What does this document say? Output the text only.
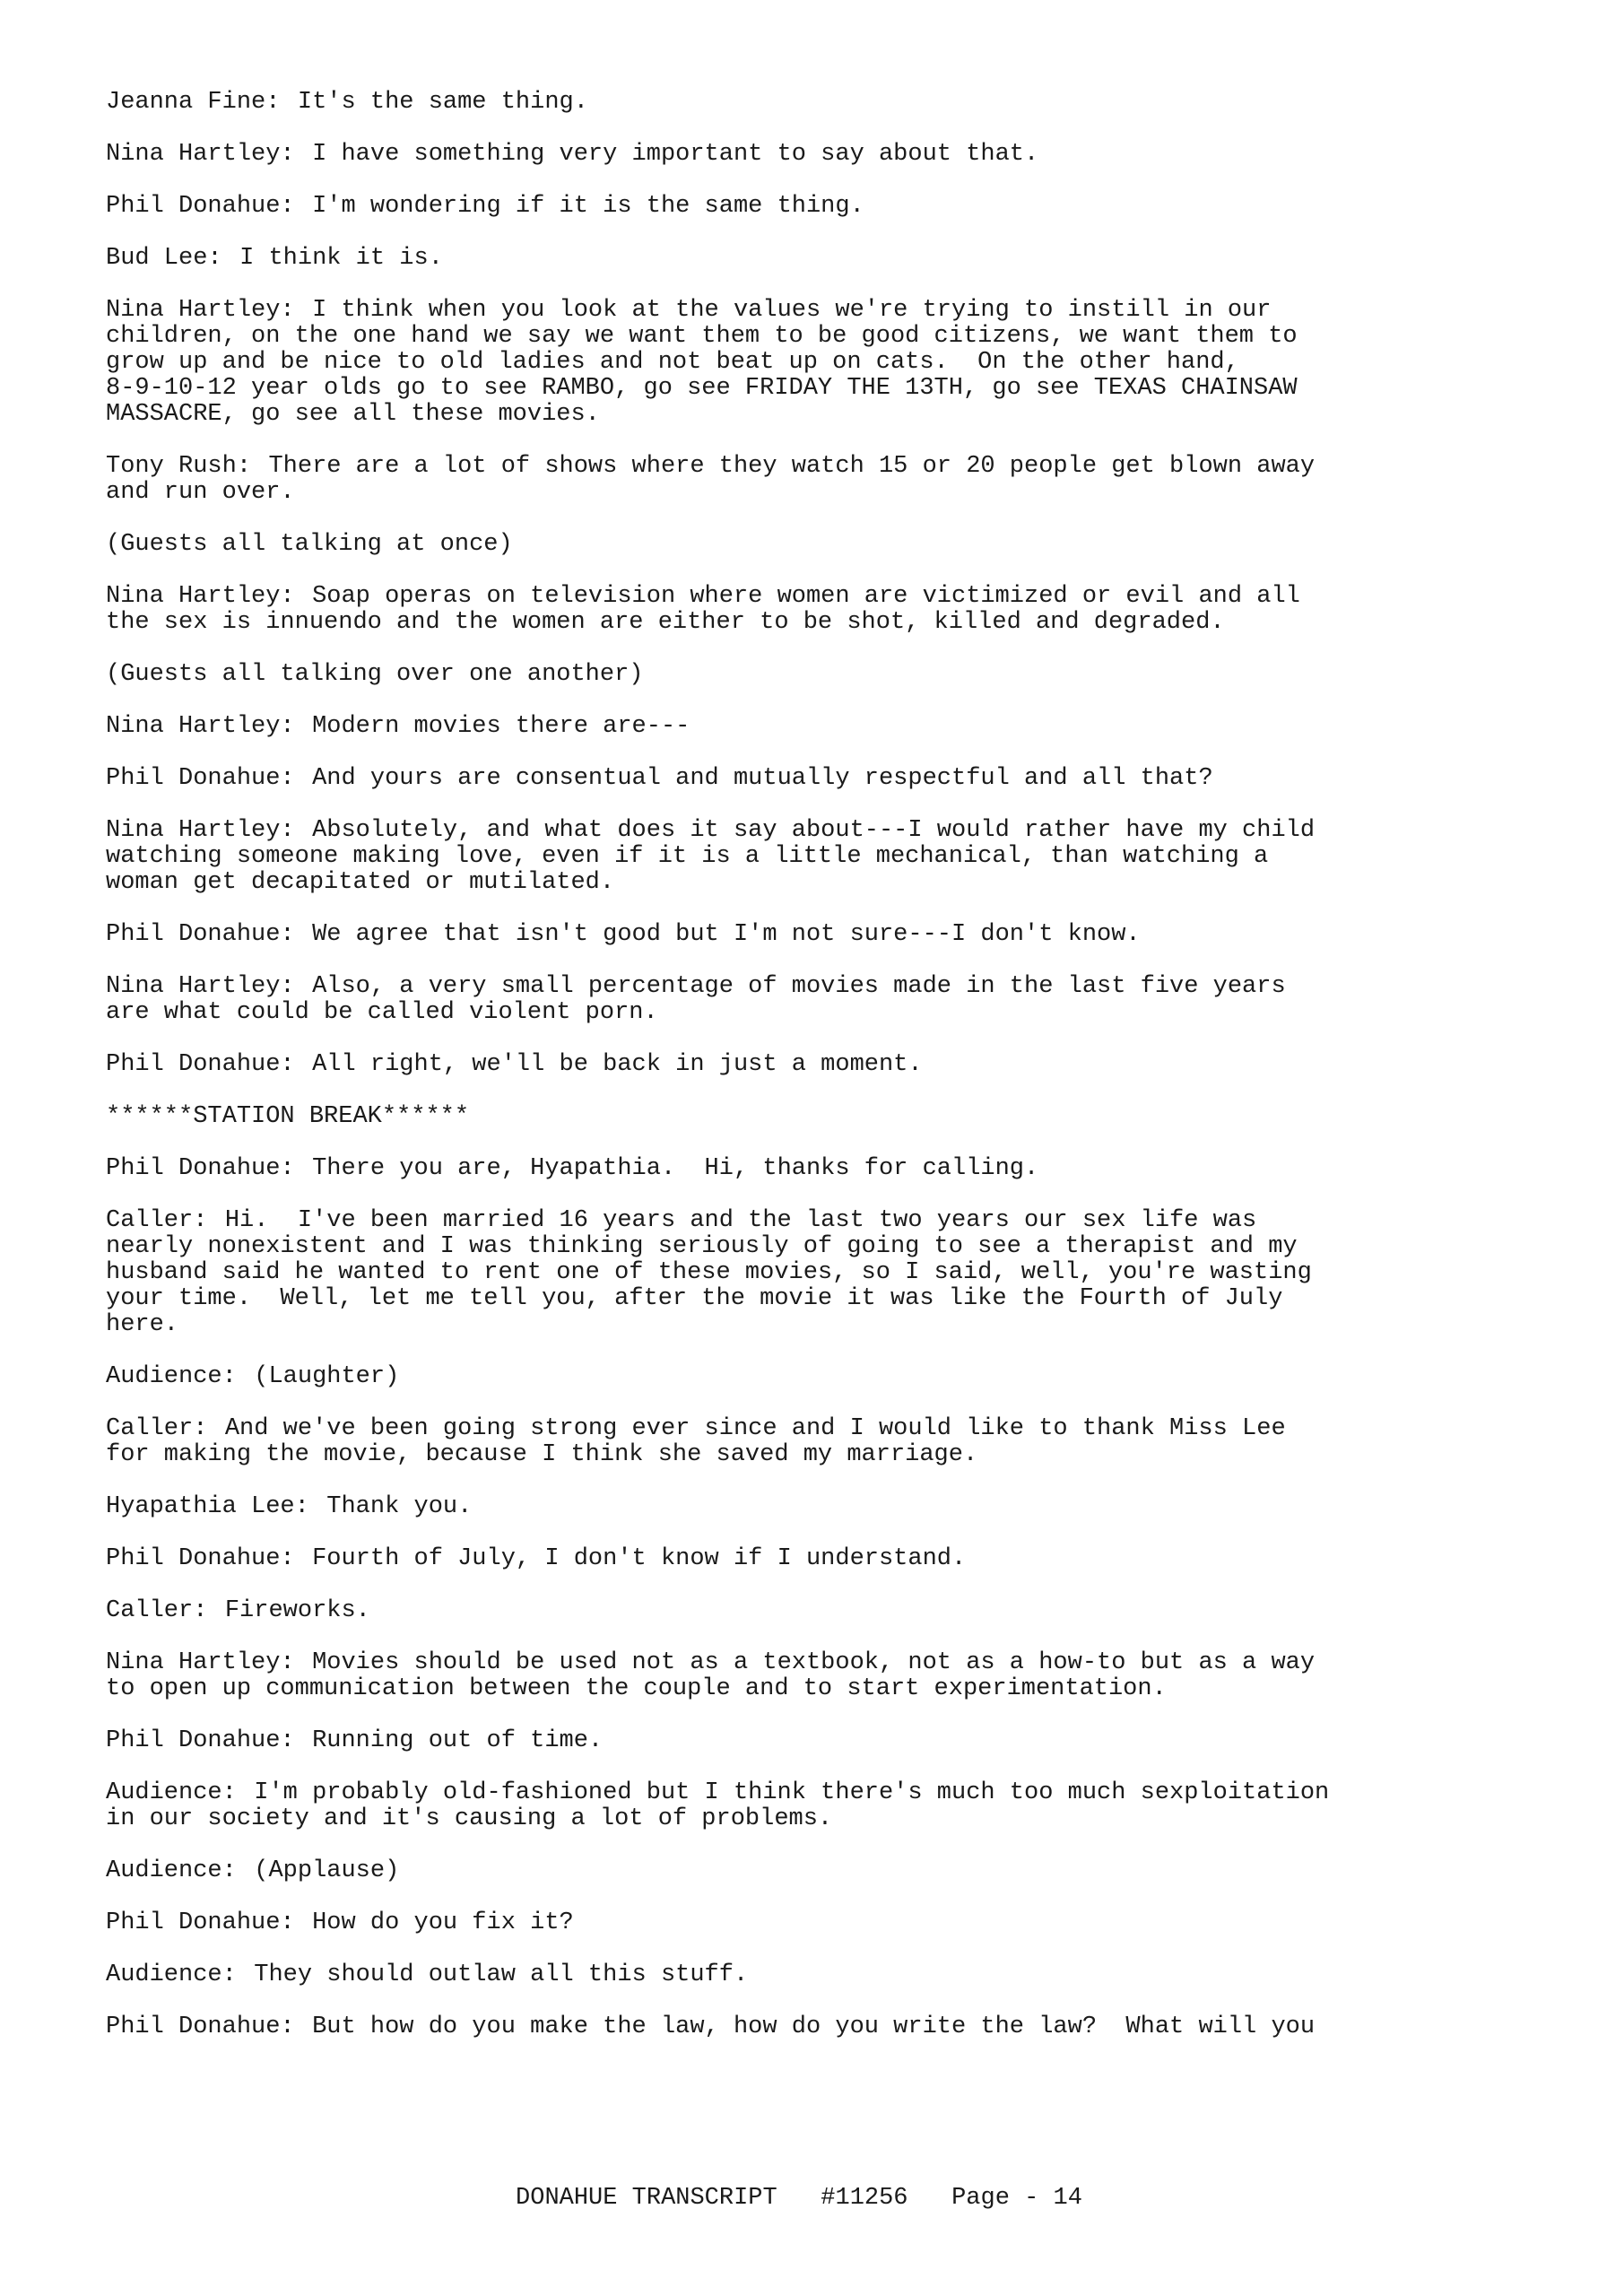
Jeanna Fine: It's the same thing.
Nina Hartley: I have something very important to say about that.
Phil Donahue: I'm wondering if it is the same thing.
Bud Lee: I think it is.
Nina Hartley: I think when you look at the values we're trying to instill in our
children, on the one hand we say we want them to be good citizens, we want them to
grow up and be nice to old ladies and not beat up on cats.  On the other hand,
8-9-10-12 year olds go to see RAMBO, go see FRIDAY THE 13TH, go see TEXAS CHAINSAW
MASSACRE, go see all these movies.
Tony Rush: There are a lot of shows where they watch 15 or 20 people get blown away
and run over.
(Guests all talking at once)
Nina Hartley: Soap operas on television where women are victimized or evil and all
the sex is innuendo and the women are either to be shot, killed and degraded.
(Guests all talking over one another)
Nina Hartley: Modern movies there are---
Phil Donahue: And yours are consentual and mutually respectful and all that?
Nina Hartley: Absolutely, and what does it say about---I would rather have my child
watching someone making love, even if it is a little mechanical, than watching a
woman get decapitated or mutilated.
Phil Donahue: We agree that isn't good but I'm not sure---I don't know.
Nina Hartley: Also, a very small percentage of movies made in the last five years
are what could be called violent porn.
Phil Donahue: All right, we'll be back in just a moment.
******STATION BREAK******
Phil Donahue: There you are, Hyapathia.  Hi, thanks for calling.
Caller: Hi.  I've been married 16 years and the last two years our sex life was
nearly nonexistent and I was thinking seriously of going to see a therapist and my
husband said he wanted to rent one of these movies, so I said, well, you're wasting
your time.  Well, let me tell you, after the movie it was like the Fourth of July
here.
Audience: (Laughter)
Caller: And we've been going strong ever since and I would like to thank Miss Lee
for making the movie, because I think she saved my marriage.
Hyapathia Lee: Thank you.
Phil Donahue: Fourth of July, I don't know if I understand.
Caller: Fireworks.
Nina Hartley: Movies should be used not as a textbook, not as a how-to but as a way
to open up communication between the couple and to start experimentation.
Phil Donahue: Running out of time.
Audience: I'm probably old-fashioned but I think there's much too much sexploitation
in our society and it's causing a lot of problems.
Audience: (Applause)
Phil Donahue: How do you fix it?
Audience: They should outlaw all this stuff.
Phil Donahue: But how do you make the law, how do you write the law?  What will you
DONAHUE TRANSCRIPT #11256 Page - 14
